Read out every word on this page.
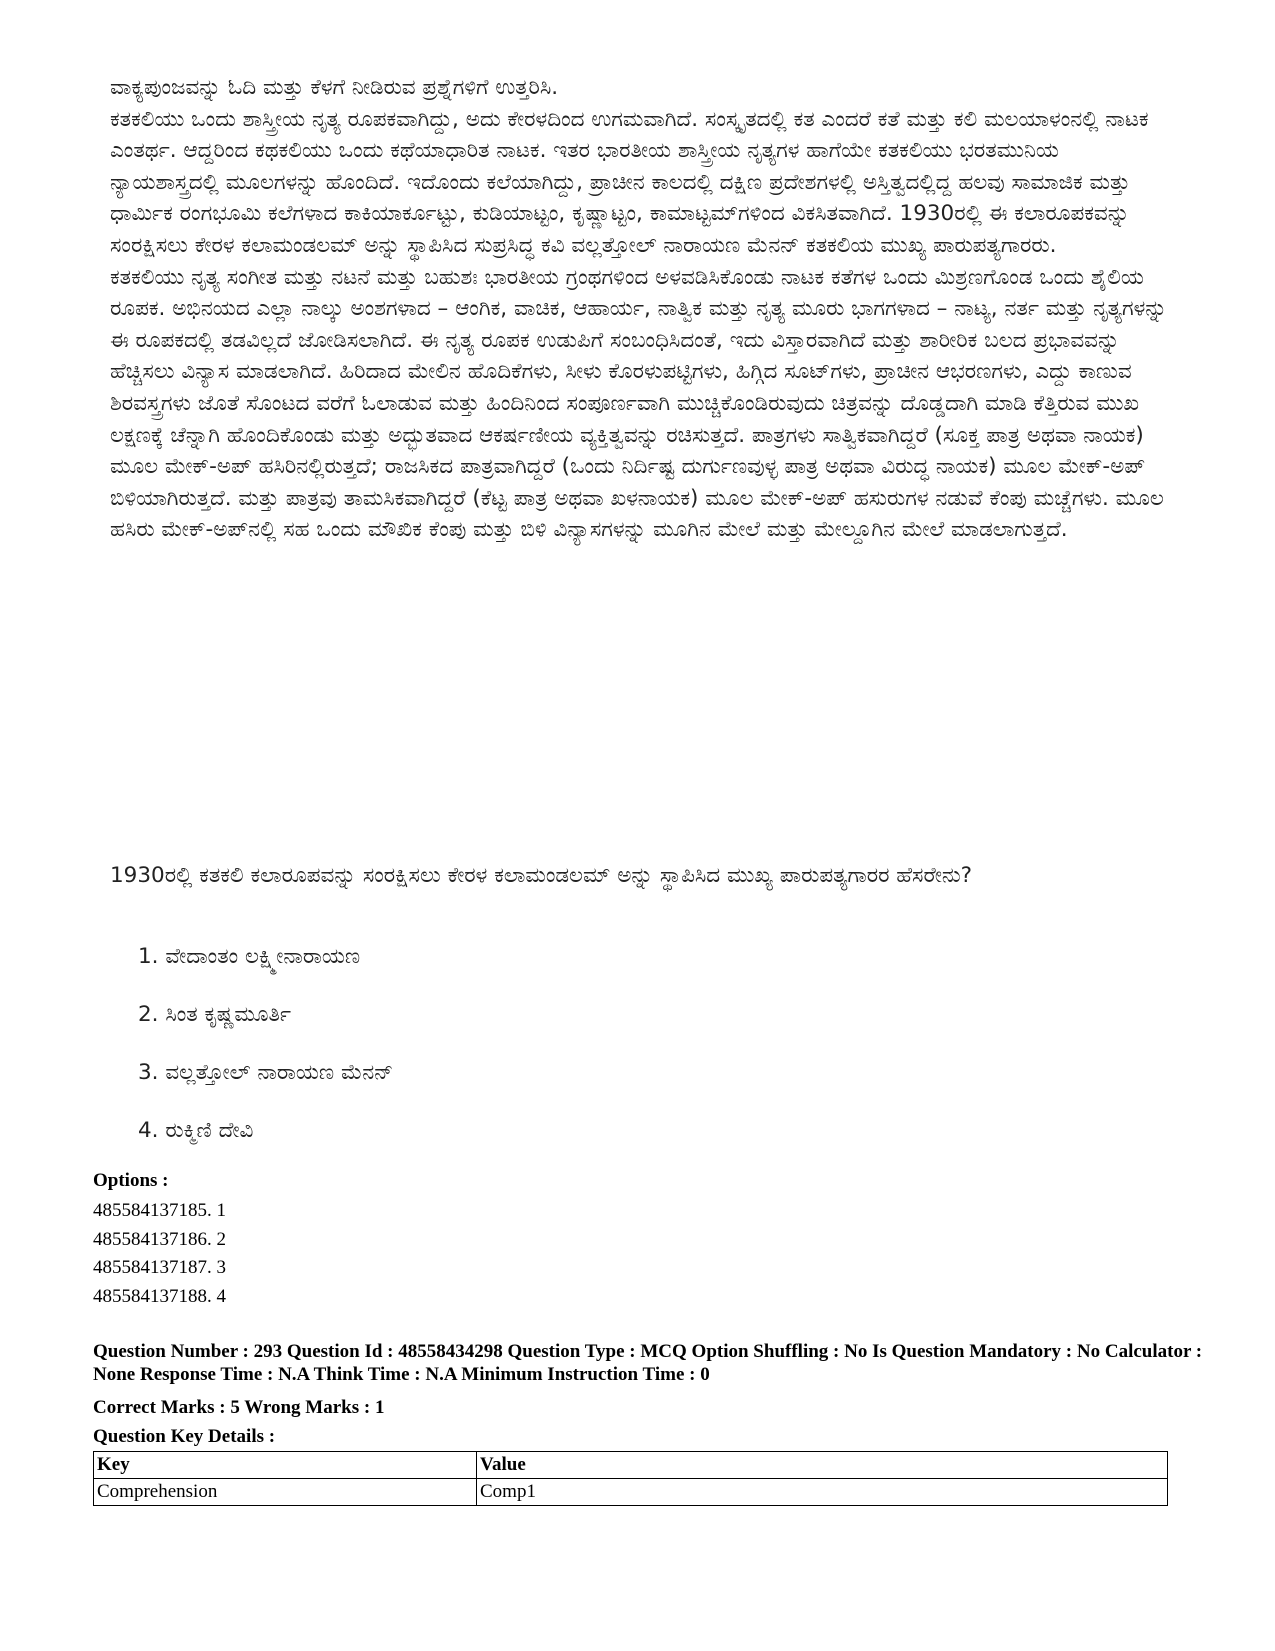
ವಾಕ್ಯಪುಂಜವನ್ನು ಓದಿ ಮತ್ತು ಕೆಳಗೆ ನೀಡಿರುವ ಪ್ರಶ್ನೆಗಳಿಗೆ ಉತ್ತರಿಸಿ.

ಕತಕಲಿಯು ಒಂದು ಶಾಸ್ತ್ರೀಯ ನೃತ್ಯ ರೂಪಕವಾಗಿದ್ದು, ಅದು ಕೇರಳದಿಂದ ಉಗಮವಾಗಿದೆ. ಸಂಸ್ಕೃತದಲ್ಲಿ ಕತ ಎಂದರೆ ಕತೆ ಮತ್ತು ಕಲಿ ಮಲಯಾಳಂನಲ್ಲಿ ನಾಟಕ ಎಂತರ್ಥ. ಆದ್ದರಿಂದ ಕಥಕಲಿಯು ಒಂದು ಕಥೆಯಾಧಾರಿತ ನಾಟಕ. ಇತರ ಭಾರತೀಯ ಶಾಸ್ತ್ರೀಯ ನೃತ್ಯಗಳ ಹಾಗೆಯೇ ಕತಕಲಿಯು ಭರತಮುನಿಯ ನ್ಯಾಯಶಾಸ್ತ್ರದಲ್ಲಿ ಮೂಲಗಳನ್ನು ಹೊಂದಿದೆ. ಇದೊಂದು ಕಲೆಯಾಗಿದ್ದು, ಪ್ರಾಚೀನ ಕಾಲದಲ್ಲಿ ದಕ್ಷಿಣ ಪ್ರದೇಶಗಳಲ್ಲಿ ಅಸ್ತಿತ್ವದಲ್ಲಿದ್ದ ಹಲವು ಸಾಮಾಜಿಕ ಮತ್ತು ಧಾರ್ಮಿಕ ರಂಗಭೂಮಿ ಕಲೆಗಳಾದ ಕಾಕಿಯಾರ್ಕೂಟ್ಟು, ಕುಡಿಯಾಟ್ಟಂ, ಕೃಷ್ಣಾಟ್ಟಂ, ಕಾಮಾಟ್ಟಮ್‌ಗಳಿಂದ ವಿಕಸಿತವಾಗಿದೆ. 1930ರಲ್ಲಿ ಈ ಕಲಾರೂಪಕವನ್ನು ಸಂರಕ್ಷಿಸಲು ಕೇರಳ ಕಲಾಮಂಡಲಮ್ ಅನ್ನು ಸ್ಥಾಪಿಸಿದ ಸುಪ್ರಸಿದ್ಧ ಕವಿ ವಲ್ಲತ್ತೋಲ್ ನಾರಾಯಣ ಮೆನನ್ ಕತಕಲಿಯ ಮುಖ್ಯ ಪಾರುಪತ್ಯಗಾರರು.

ಕತಕಲಿಯು ನೃತ್ಯ ಸಂಗೀತ ಮತ್ತು ನಟನೆ ಮತ್ತು ಬಹುಶಃ ಭಾರತೀಯ ಗ್ರಂಥಗಳಿಂದ ಅಳವಡಿಸಿಕೊಂಡು ನಾಟಕ ಕತೆಗಳ ಒಂದು ಮಿಶ್ರಣಗೊಂಡ ಒಂದು ಶೈಲಿಯ ರೂಪಕ. ಅಭಿನಯದ ಎಲ್ಲಾ ನಾಲ್ಕು ಅಂಶಗಳಾದ – ಆಂಗಿಕ, ವಾಚಿಕ, ಆಹಾರ್ಯ, ನಾತ್ವಿಕ ಮತ್ತು ನೃತ್ಯ ಮೂರು ಭಾಗಗಳಾದ – ನಾಟ್ಯ, ನರ್ತ ಮತ್ತು ನೃತ್ಯಗಳನ್ನು ಈ ರೂಪಕದಲ್ಲಿ ತಡವಿಲ್ಲದೆ ಜೋಡಿಸಲಾಗಿದೆ. ಈ ನೃತ್ಯ ರೂಪಕ ಉಡುಪಿಗೆ ಸಂಬಂಧಿಸಿದಂತೆ, ಇದು ವಿಸ್ತಾರವಾಗಿದೆ ಮತ್ತು ಶಾರೀರಿಕ ಬಲದ ಪ್ರಭಾವವನ್ನು ಹೆಚ್ಚಿಸಲು ವಿನ್ಯಾಸ ಮಾಡಲಾಗಿದೆ. ಹಿರಿದಾದ ಮೇಲಿನ ಹೊದಿಕೆಗಳು, ಸೀಳು ಕೊರಳುಪಟ್ಟಿಗಳು, ಹಿಗ್ಗಿದ ಸೂಟ್‌ಗಳು, ಪ್ರಾಚೀನ ಆಭರಣಗಳು, ಎದ್ದು ಕಾಣುವ ಶಿರವಸ್ತ್ರಗಳು ಜೊತೆ ಸೊಂಟದ ವರೆಗೆ ಓಲಾಡುವ ಮತ್ತು ಹಿಂದಿನಿಂದ ಸಂಪೂರ್ಣವಾಗಿ ಮುಚ್ಚಿಕೊಂಡಿರುವುದು ಚಿತ್ರವನ್ನು ದೊಡ್ಡದಾಗಿ ಮಾಡಿ ಕೆತ್ತಿರುವ ಮುಖ ಲಕ್ಷಣಕ್ಕೆ ಚೆನ್ನಾಗಿ ಹೊಂದಿಕೊಂಡು ಮತ್ತು ಅದ್ಭುತವಾದ ಆಕರ್ಷಣೀಯ ವ್ಯಕ್ತಿತ್ವವನ್ನು ರಚಿಸುತ್ತದೆ. ಪಾತ್ರಗಳು ಸಾತ್ವಿಕವಾಗಿದ್ದರೆ (ಸೂಕ್ತ ಪಾತ್ರ ಅಥವಾ ನಾಯಕ) ಮೂಲ ಮೇಕ್-ಅಪ್ ಹಸಿರಿನಲ್ಲಿರುತ್ತದೆ; ರಾಜಸಿಕದ ಪಾತ್ರವಾಗಿದ್ದರೆ (ಒಂದು ನಿರ್ದಿಷ್ಟ ದುರ್ಗುಣವುಳ್ಳ ಪಾತ್ರ ಅಥವಾ ವಿರುದ್ಧ ನಾಯಕ) ಮೂಲ ಮೇಕ್-ಅಪ್ ಬಿಳಿಯಾಗಿರುತ್ತದೆ. ಮತ್ತು ಪಾತ್ರವು ತಾಮಸಿಕವಾಗಿದ್ದರೆ (ಕೆಟ್ಟ ಪಾತ್ರ ಅಥವಾ ಖಳನಾಯಕ) ಮೂಲ ಮೇಕ್-ಅಪ್ ಹಸುರುಗಳ ನಡುವೆ ಕೆಂಪು ಮಚ್ಚೆಗಳು. ಮೂಲ ಹಸಿರು ಮೇಕ್-ಅಪ್‌ನಲ್ಲಿ ಸಹ ಒಂದು ಮೌಖಿಕ ಕೆಂಪು ಮತ್ತು ಬಿಳಿ ವಿನ್ಯಾಸಗಳನ್ನು ಮೂಗಿನ ಮೇಲೆ ಮತ್ತು ಮೇಲ್ದೂಗಿನ ಮೇಲೆ ಮಾಡಲಾಗುತ್ತದೆ.

1930ರಲ್ಲಿ ಕತಕಲಿ ಕಲಾರೂಪವನ್ನು ಸಂರಕ್ಷಿಸಲು ಕೇರಳ ಕಲಾಮಂಡಲಮ್ ಅನ್ನು ಸ್ಥಾಪಿಸಿದ ಮುಖ್ಯ ಪಾರುಪತ್ಯಗಾರರ ಹೆಸರೇನು?

1. ವೇದಾಂತಂ ಲಕ್ಷ್ಮೀನಾರಾಯಣ
2. ಸಿಂತ ಕೃಷ್ಣಮೂರ್ತಿ
3. ವಲ್ಲತ್ತೋಲ್ ನಾರಾಯಣ ಮೆನನ್
4. ರುಕ್ಮಿಣಿ ದೇವಿ
Options :
485584137185. 1
485584137186. 2
485584137187. 3
485584137188. 4

Question Number : 293 Question Id : 48558434298 Question Type : MCQ Option Shuffling : No Is Question Mandatory : No Calculator : None Response Time : N.A Think Time : N.A Minimum Instruction Time : 0

Correct Marks : 5 Wrong Marks : 1
Question Key Details :
Key	Value
Comprehension	Comp1
